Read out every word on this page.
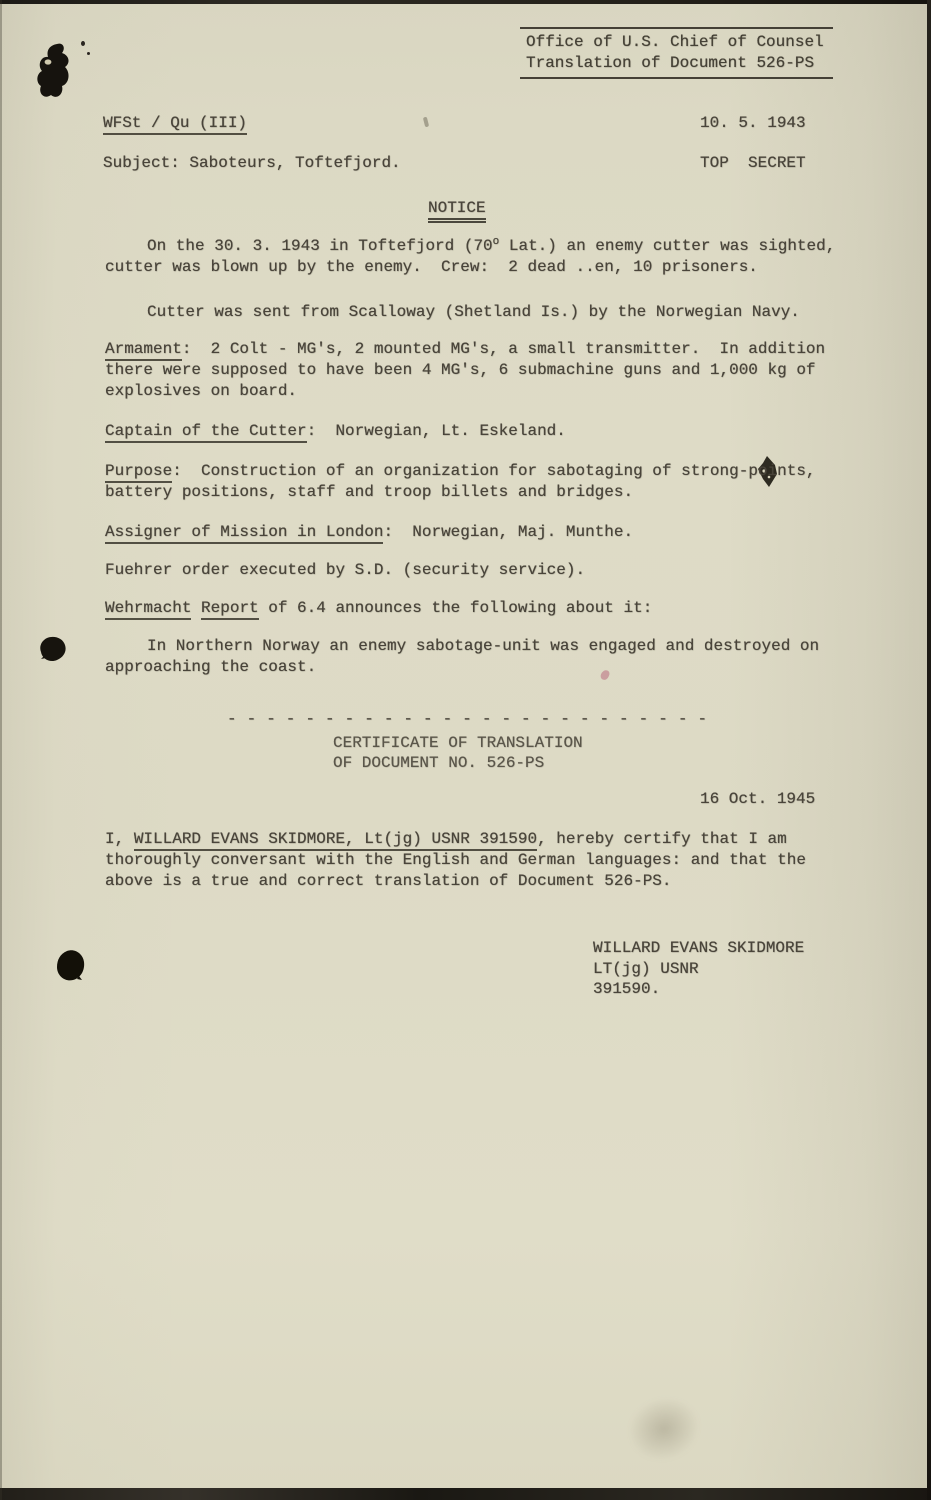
Office of U.S. Chief of Counsel
Translation of Document 526-PS
WFSt / Qu (III)	10. 5. 1943
Subject: Saboteurs, Toftefjord.	TOP  SECRET
NOTICE
On the 30. 3. 1943 in Toftefjord (70$^o$ Lat.) an enemy cutter was sighted,
cutter was blown up by the enemy.  Crew:  2 dead ..en, 10 prisoners.
Cutter was sent from Scalloway (Shetland Is.) by the Norwegian Navy.
Armament:  2 Colt - MG's, 2 mounted MG's, a small transmitter.  In addition
there were supposed to have been 4 MG's, 6 submachine guns and 1,000 kg of
explosives on board.
Captain of the Cutter:  Norwegian, Lt. Eskeland.
Purpose:  Construction of an organization for sabotaging of strong-points,
battery positions, staff and troop billets and bridges.
Assigner of Mission in London:  Norwegian, Maj. Munthe.
Fuehrer order executed by S.D. (security service).
Wehrmacht Report of 6.4 announces the following about it:
In Northern Norway an enemy sabotage-unit was engaged and destroyed on
approaching the coast.
- - - - - - - - - - - - - - - - - - - - - - - - -
CERTIFICATE OF TRANSLATION
OF DOCUMENT NO. 526-PS
16 Oct. 1945
I, WILLARD EVANS SKIDMORE, Lt(jg) USNR 391590, hereby certify that I am
thoroughly conversant with the English and German languages: and that the
above is a true and correct translation of Document 526-PS.
WILLARD EVANS SKIDMORE
LT(jg) USNR
391590.
